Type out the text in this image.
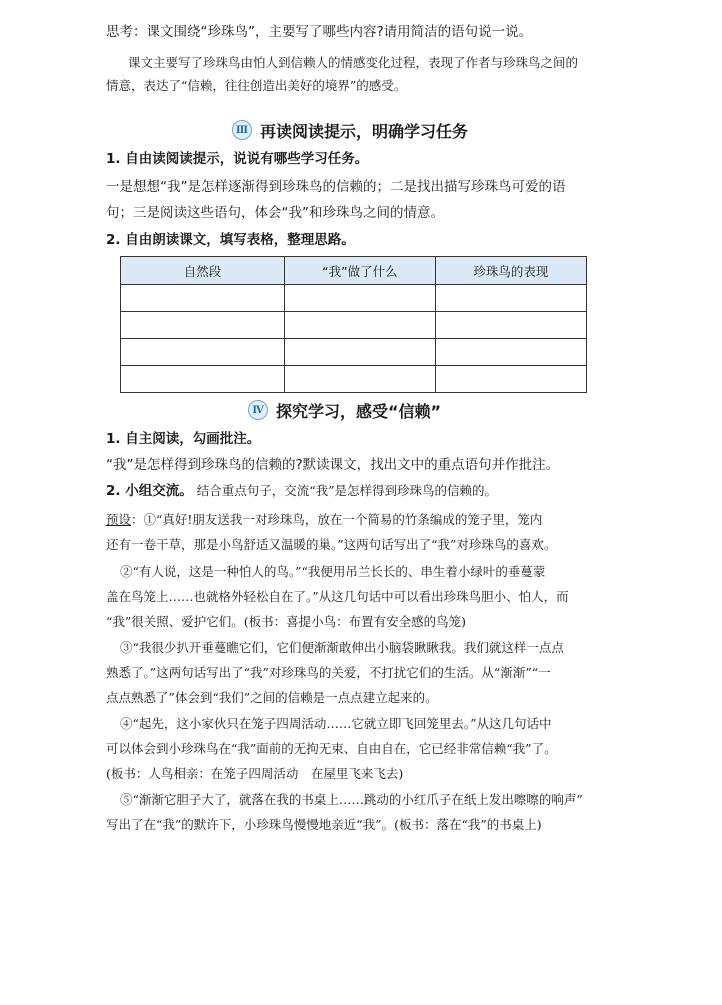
思考：课文围绕“珍珠鸟”，主要写了哪些内容?请用简洁的语句说一说。
课文主要写了珍珠鸟由怕人到信赖人的情感变化过程，表现了作者与珍珠鸟之间的
情意，表达了“信赖，往往创造出美好的境界”的感受。
Ⅲ 再读阅读提示，明确学习任务
1. 自由读阅读提示，说说有哪些学习任务。
一是想想“我”是怎样逐渐得到珍珠鸟的信赖的；二是找出描写珍珠鸟可爱的语
句；三是阅读这些语句，体会“我”和珍珠鸟之间的情意。
2. 自由朗读课文，填写表格，整理思路。
自然段	“我”做了什么	珍珠鸟的表现

Ⅳ 探究学习，感受“信赖”
1. 自主阅读，勾画批注。
“我”是怎样得到珍珠鸟的信赖的?默读课文，找出文中的重点语句并作批注。
2. 小组交流。 结合重点句子，交流“我”是怎样得到珍珠鸟的信赖的。
预设：①“真好!朋友送我一对珍珠鸟，放在一个简易的竹条编成的笼子里，笼内
还有一卷干草，那是小鸟舒适又温暖的巢。”这两句话写出了“我”对珍珠鸟的喜欢。
②“有人说，这是一种怕人的鸟。”“我便用吊兰长长的、串生着小绿叶的垂蔓蒙
盖在鸟笼上……也就格外轻松自在了。”从这几句话中可以看出珍珠鸟胆小、怕人，而
“我”很关照、爱护它们。(板书：喜提小鸟：布置有安全感的鸟笼)
③“我很少扒开垂蔓瞧它们，它们便渐渐敢伸出小脑袋瞅瞅我。我们就这样一点点
熟悉了。”这两句话写出了“我”对珍珠鸟的关爱，不打扰它们的生活。从“渐渐”“一
点点熟悉了”体会到“我们”之间的信赖是一点点建立起来的。
④“起先，这小家伙只在笼子四周活动……它就立即飞回笼里去。”从这几句话中
可以体会到小珍珠鸟在“我”面前的无拘无束、自由自在，它已经非常信赖“我”了。
(板书：人鸟相亲：在笼子四周活动　在屋里飞来飞去)
⑤“渐渐它胆子大了，就落在我的书桌上……跳动的小红爪子在纸上发出嚓嚓的响声”
写出了在“我”的默许下，小珍珠鸟慢慢地亲近“我”。(板书：落在“我”的书桌上)
